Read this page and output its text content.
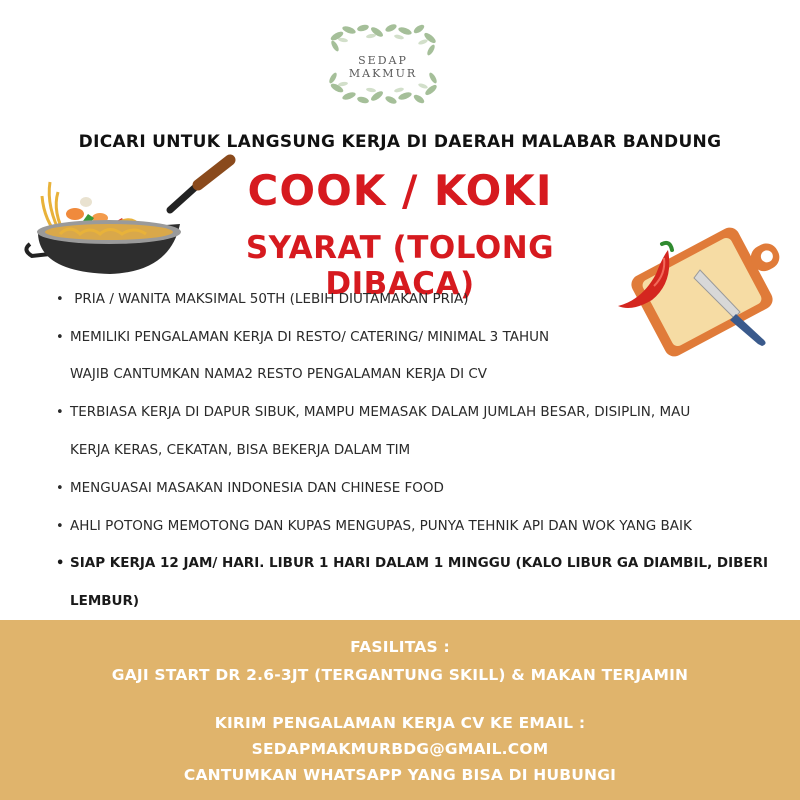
SEDAP
MAKMUR
DICARI UNTUK LANGSUNG KERJA DI DAERAH MALABAR BANDUNG
COOK / KOKI
SYARAT (TOLONG DIBACA)
• PRIA / WANITA MAKSIMAL 50TH (LEBIH DIUTAMAKAN PRIA)
• MEMILIKI PENGALAMAN KERJA DI RESTO/ CATERING/ MINIMAL 3 TAHUN
WAJIB CANTUMKAN NAMA2 RESTO PENGALAMAN KERJA DI CV
• TERBIASA KERJA DI DAPUR SIBUK, MAMPU MEMASAK DALAM JUMLAH BESAR, DISIPLIN, MAU
KERJA KERAS, CEKATAN, BISA BEKERJA DALAM TIM
• MENGUASAI MASAKAN INDONESIA DAN CHINESE FOOD
• AHLI POTONG MEMOTONG DAN KUPAS MENGUPAS, PUNYA TEHNIK API DAN WOK YANG BAIK
• SIAP KERJA 12 JAM/ HARI. LIBUR 1 HARI DALAM 1 MINGGU (KALO LIBUR GA DIAMBIL, DIBERI
LEMBUR)
FASILITAS :
GAJI START DR 2.6-3JT (TERGANTUNG SKILL) & MAKAN TERJAMIN
KIRIM PENGALAMAN KERJA CV KE EMAIL :
SEDAPMAKMURBDG@GMAIL.COM
CANTUMKAN WHATSAPP YANG BISA DI HUBUNGI
